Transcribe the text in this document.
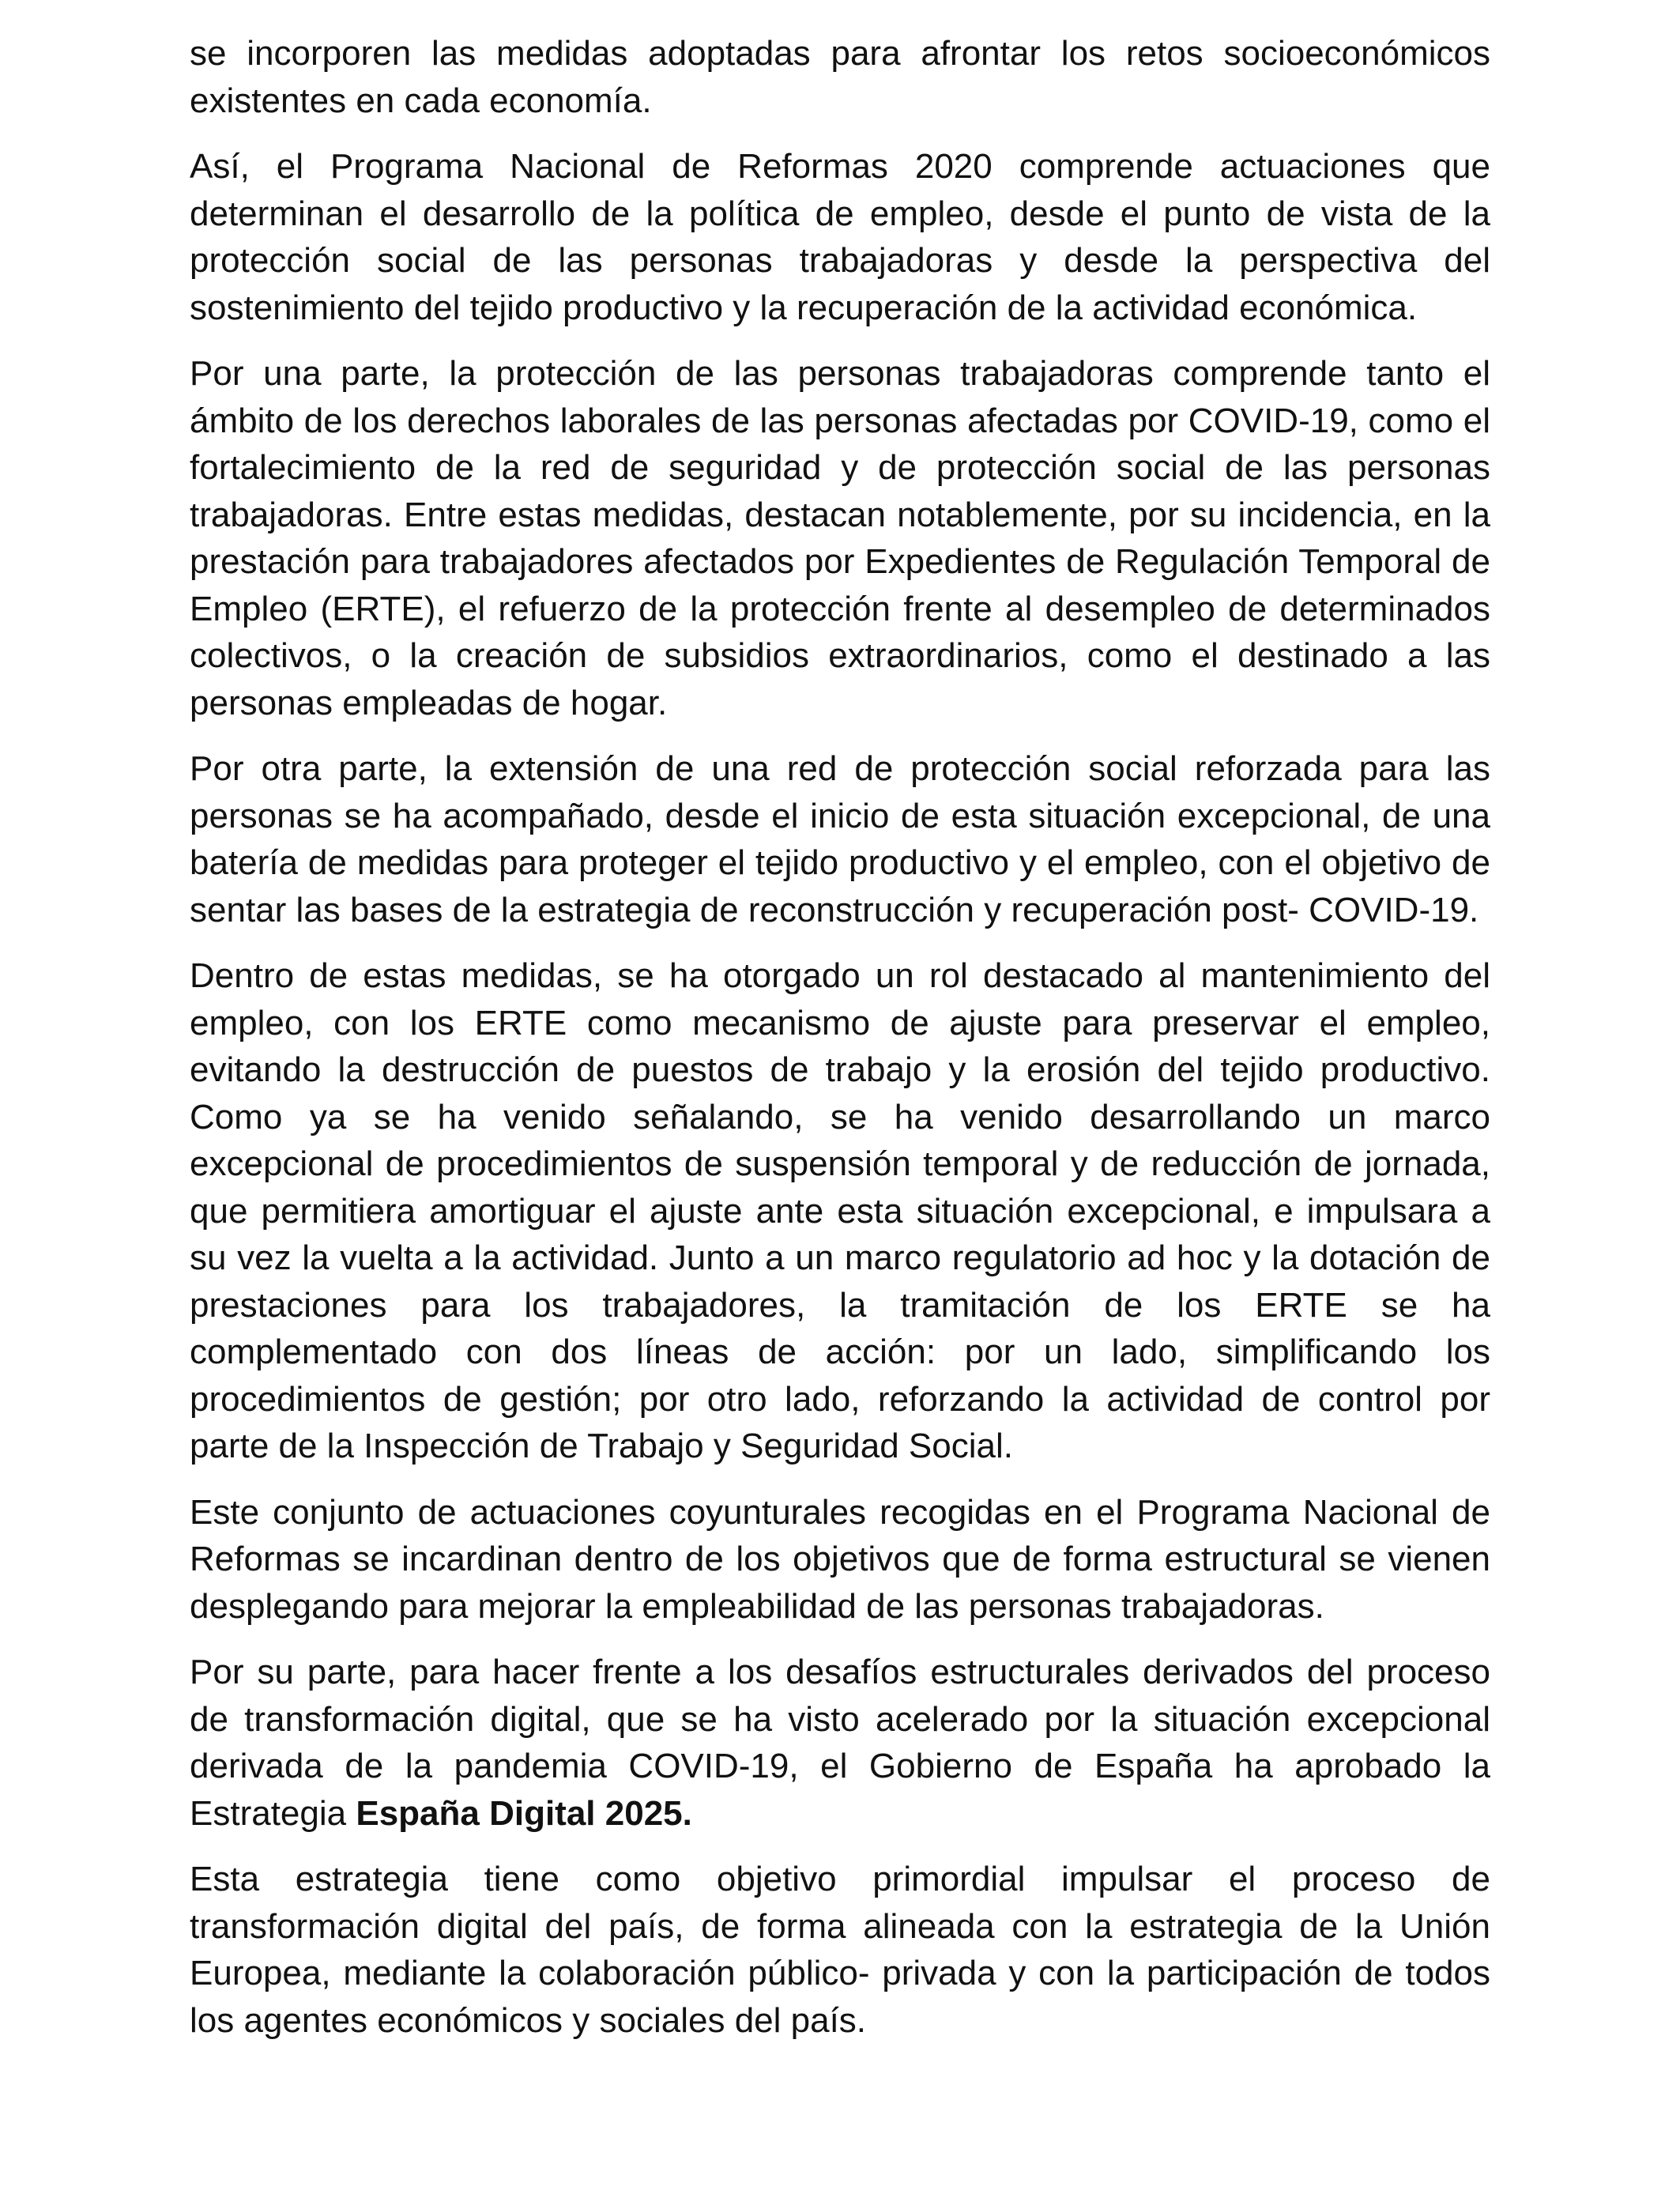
se incorporen las medidas adoptadas para afrontar los retos socioeconómicos existentes en cada economía.

Así, el Programa Nacional de Reformas 2020 comprende actuaciones que determinan el desarrollo de la política de empleo, desde el punto de vista de la protección social de las personas trabajadoras y desde la perspectiva del sostenimiento del tejido productivo y la recuperación de la actividad económica.

Por una parte, la protección de las personas trabajadoras comprende tanto el ámbito de los derechos laborales de las personas afectadas por COVID-19, como el fortalecimiento de la red de seguridad y de protección social de las personas trabajadoras. Entre estas medidas, destacan notablemente, por su incidencia, en la prestación para trabajadores afectados por Expedientes de Regulación Temporal de Empleo (ERTE), el refuerzo de la protección frente al desempleo de determinados colectivos, o la creación de subsidios extraordinarios, como el destinado a las personas empleadas de hogar.

Por otra parte, la extensión de una red de protección social reforzada para las personas se ha acompañado, desde el inicio de esta situación excepcional, de una batería de medidas para proteger el tejido productivo y el empleo, con el objetivo de sentar las bases de la estrategia de reconstrucción y recuperación post- COVID-19.

Dentro de estas medidas, se ha otorgado un rol destacado al mantenimiento del empleo, con los ERTE como mecanismo de ajuste para preservar el empleo, evitando la destrucción de puestos de trabajo y la erosión del tejido productivo. Como ya se ha venido señalando, se ha venido desarrollando un marco excepcional de procedimientos de suspensión temporal y de reducción de jornada, que permitiera amortiguar el ajuste ante esta situación excepcional, e impulsara a su vez la vuelta a la actividad. Junto a un marco regulatorio ad hoc y la dotación de prestaciones para los trabajadores, la tramitación de los ERTE se ha complementado con dos líneas de acción: por un lado, simplificando los procedimientos de gestión; por otro lado, reforzando la actividad de control por parte de la Inspección de Trabajo y Seguridad Social.

Este conjunto de actuaciones coyunturales recogidas en el Programa Nacional de Reformas se incardinan dentro de los objetivos que de forma estructural se vienen desplegando para mejorar la empleabilidad de las personas trabajadoras.

Por su parte, para hacer frente a los desafíos estructurales derivados del proceso de transformación digital, que se ha visto acelerado por la situación excepcional derivada de la pandemia COVID-19, el Gobierno de España ha aprobado la Estrategia España Digital 2025.

Esta estrategia tiene como objetivo primordial impulsar el proceso de transformación digital del país, de forma alineada con la estrategia de la Unión Europea, mediante la colaboración público- privada y con la participación de todos los agentes económicos y sociales del país.
